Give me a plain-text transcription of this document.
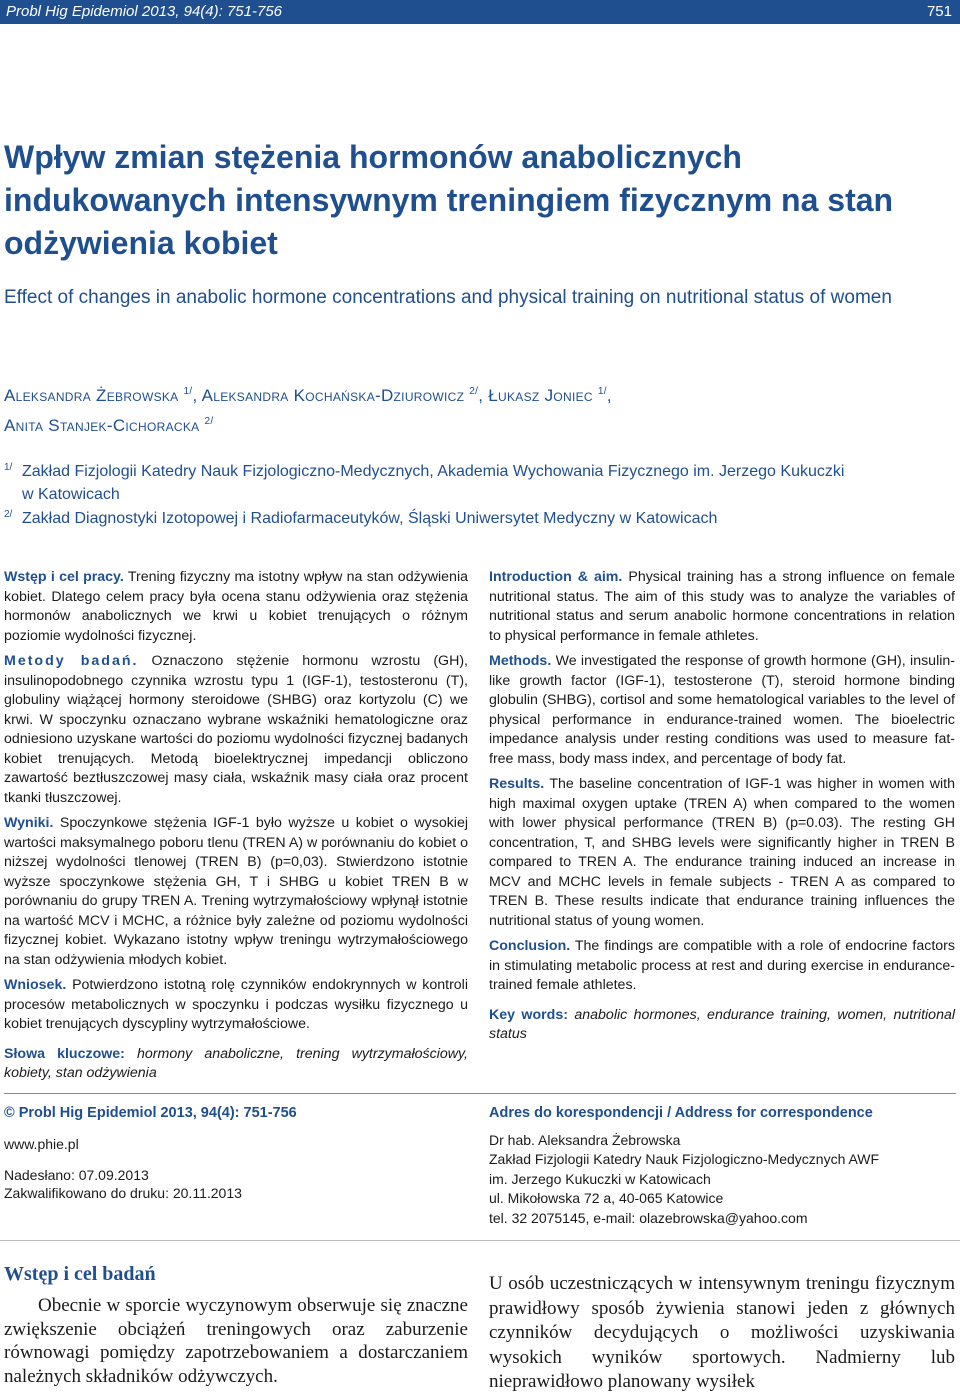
Probl Hig Epidemiol 2013, 94(4): 751-756	751
Wpływ zmian stężenia hormonów anabolicznych indukowanych intensywnym treningiem fizycznym na stan odżywienia kobiet
Effect of changes in anabolic hormone concentrations and physical training on nutritional status of women
Aleksandra Żebrowska $^{1/}$, Aleksandra Kochańska-Dziurowicz $^{2/}$, Łukasz Joniec $^{1/}$,
Anita Stanjek-Cichoracka $^{2/}$
1/ Zakład Fizjologii Katedry Nauk Fizjologiczno-Medycznych, Akademia Wychowania Fizycznego im. Jerzego Kukuczki
w Katowicach
2/ Zakład Diagnostyki Izotopowej i Radiofarmaceutyków, Śląski Uniwersytet Medyczny w Katowicach

Wstęp i cel pracy. Trening fizyczny ma istotny wpływ na stan odżywienia kobiet. Dlatego celem pracy była ocena stanu odżywienia oraz stężenia hormonów anabolicznych we krwi u kobiet trenujących o różnym poziomie wydolności fizycznej.

Metody badań. Oznaczono stężenie hormonu wzrostu (GH), insulinopodobnego czynnika wzrostu typu 1 (IGF-1), testosteronu (T), globuliny wiążącej hormony steroidowe (SHBG) oraz kortyzolu (C) we krwi. W spoczynku oznaczano wybrane wskaźniki hematologiczne oraz odniesiono uzyskane wartości do poziomu wydolności fizycznej badanych kobiet trenujących. Metodą bioelektrycznej impedancji obliczono zawartość beztłuszczowej masy ciała, wskaźnik masy ciała oraz procent tkanki tłuszczowej.

Wyniki. Spoczynkowe stężenia IGF-1 było wyższe u kobiet o wysokiej wartości maksymalnego poboru tlenu (TREN A) w porównaniu do kobiet o niższej wydolności tlenowej (TREN B) (p=0,03). Stwierdzono istotnie wyższe spoczynkowe stężenia GH, T i SHBG u kobiet TREN B w porównaniu do grupy TREN A. Trening wytrzymałościowy wpłynął istotnie na wartość MCV i MCHC, a różnice były zależne od poziomu wydolności fizycznej kobiet. Wykazano istotny wpływ treningu wytrzymałościowego na stan odżywienia młodych kobiet.

Wniosek. Potwierdzono istotną rolę czynników endokrynnych w kontroli procesów metabolicznych w spoczynku i podczas wysiłku fizycznego u kobiet trenujących dyscypliny wytrzymałościowe.

Słowa kluczowe: hormony anaboliczne, trening wytrzymałościowy, kobiety, stan odżywienia

Introduction & aim. Physical training has a strong influence on female nutritional status. The aim of this study was to analyze the variables of nutritional status and serum anabolic hormone concentrations in relation to physical performance in female athletes.

Methods. We investigated the response of growth hormone (GH), insulin-like growth factor (IGF-1), testosterone (T), steroid hormone binding globulin (SHBG), cortisol and some hematological variables to the level of physical performance in endurance-trained women. The bioelectric impedance analysis under resting conditions was used to measure fat-free mass, body mass index, and percentage of body fat.

Results. The baseline concentration of IGF-1 was higher in women with high maximal oxygen uptake (TREN A) when compared to the women with lower physical performance (TREN B) (p=0.03). The resting GH concentration, T, and SHBG levels were significantly higher in TREN B compared to TREN A. The endurance training induced an increase in MCV and MCHC levels in female subjects - TREN A as compared to TREN B. These results indicate that endurance training influences the nutritional status of young women.

Conclusion. The findings are compatible with a role of endocrine factors in stimulating metabolic process at rest and during exercise in endurance-trained female athletes.

Key words: anabolic hormones, endurance training, women, nutritional status

© Probl Hig Epidemiol 2013, 94(4): 751-756
www.phie.pl
Nadesłano: 07.09.2013
Zakwalifikowano do druku: 20.11.2013
Adres do korespondencji / Address for correspondence
Dr hab. Aleksandra Żebrowska
Zakład Fizjologii Katedry Nauk Fizjologiczno-Medycznych AWF
im. Jerzego Kukuczki w Katowicach
ul. Mikołowska 72 a, 40-065 Katowice
tel. 32 2075145, e-mail: olazebrowska@yahoo.com
Wstęp i cel badań

Obecnie w sporcie wyczynowym obserwuje się znaczne zwiększenie obciążeń treningowych oraz zaburzenie równowagi pomiędzy zapotrzebowaniem a dostarczaniem należnych składników odżywczych.

U osób uczestniczących w intensywnym treningu fizycznym prawidłowy sposób żywienia stanowi jeden z głównych czynników decydujących o możliwości uzyskiwania wysokich wyników sportowych. Nadmierny lub nieprawidłowo planowany wysiłek
